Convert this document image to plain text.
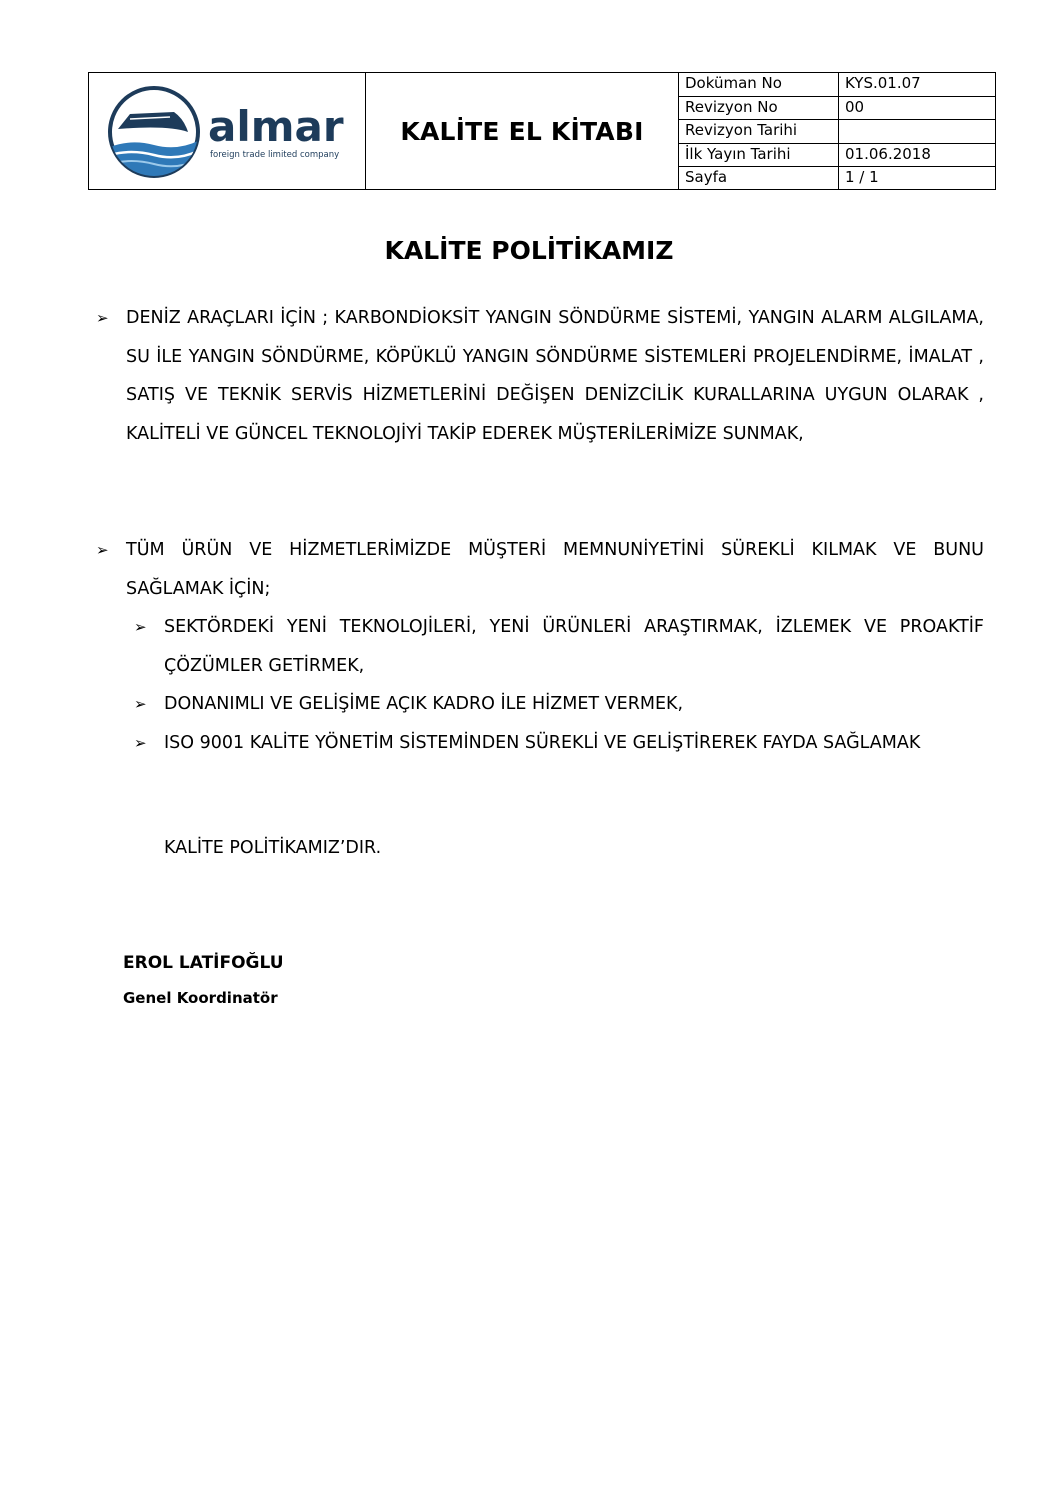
almar
foreign trade limited company
KALİTE EL KİTABI
Doküman No	KYS.01.07
Revizyon No	00
Revizyon Tarihi	
İlk Yayın Tarihi	01.06.2018
Sayfa	1 / 1
KALİTE POLİTİKAMIZ
➢ DENİZ ARAÇLARI İÇİN ; KARBONDİOKSİT YANGIN SÖNDÜRME SİSTEMİ, YANGIN ALARM ALGILAMA, SU İLE YANGIN SÖNDÜRME, KÖPÜKLÜ YANGIN SÖNDÜRME SİSTEMLERİ PROJELENDİRME, İMALAT , SATIŞ VE TEKNİK SERVİS HİZMETLERİNİ DEĞİŞEN DENİZCİLİK KURALLARINA UYGUN OLARAK , KALİTELİ VE GÜNCEL TEKNOLOJİYİ TAKİP EDEREK MÜŞTERİLERİMİZE SUNMAK,
➢ TÜM ÜRÜN VE HİZMETLERİMİZDE MÜŞTERİ MEMNUNİYETİNİ SÜREKLİ KILMAK VE BUNU SAĞLAMAK İÇİN;
➢ SEKTÖRDEKİ YENİ TEKNOLOJİLERİ, YENİ ÜRÜNLERİ ARAŞTIRMAK, İZLEMEK VE PROAKTİF ÇÖZÜMLER GETİRMEK,
➢ DONANIMLI VE GELİŞİME AÇIK KADRO İLE HİZMET VERMEK,
➢ ISO 9001 KALİTE YÖNETİM SİSTEMİNDEN SÜREKLİ VE GELİŞTİREREK FAYDA SAĞLAMAK
KALİTE POLİTİKAMIZ’DIR.
EROL LATİFOĞLU
Genel Koordinatör
